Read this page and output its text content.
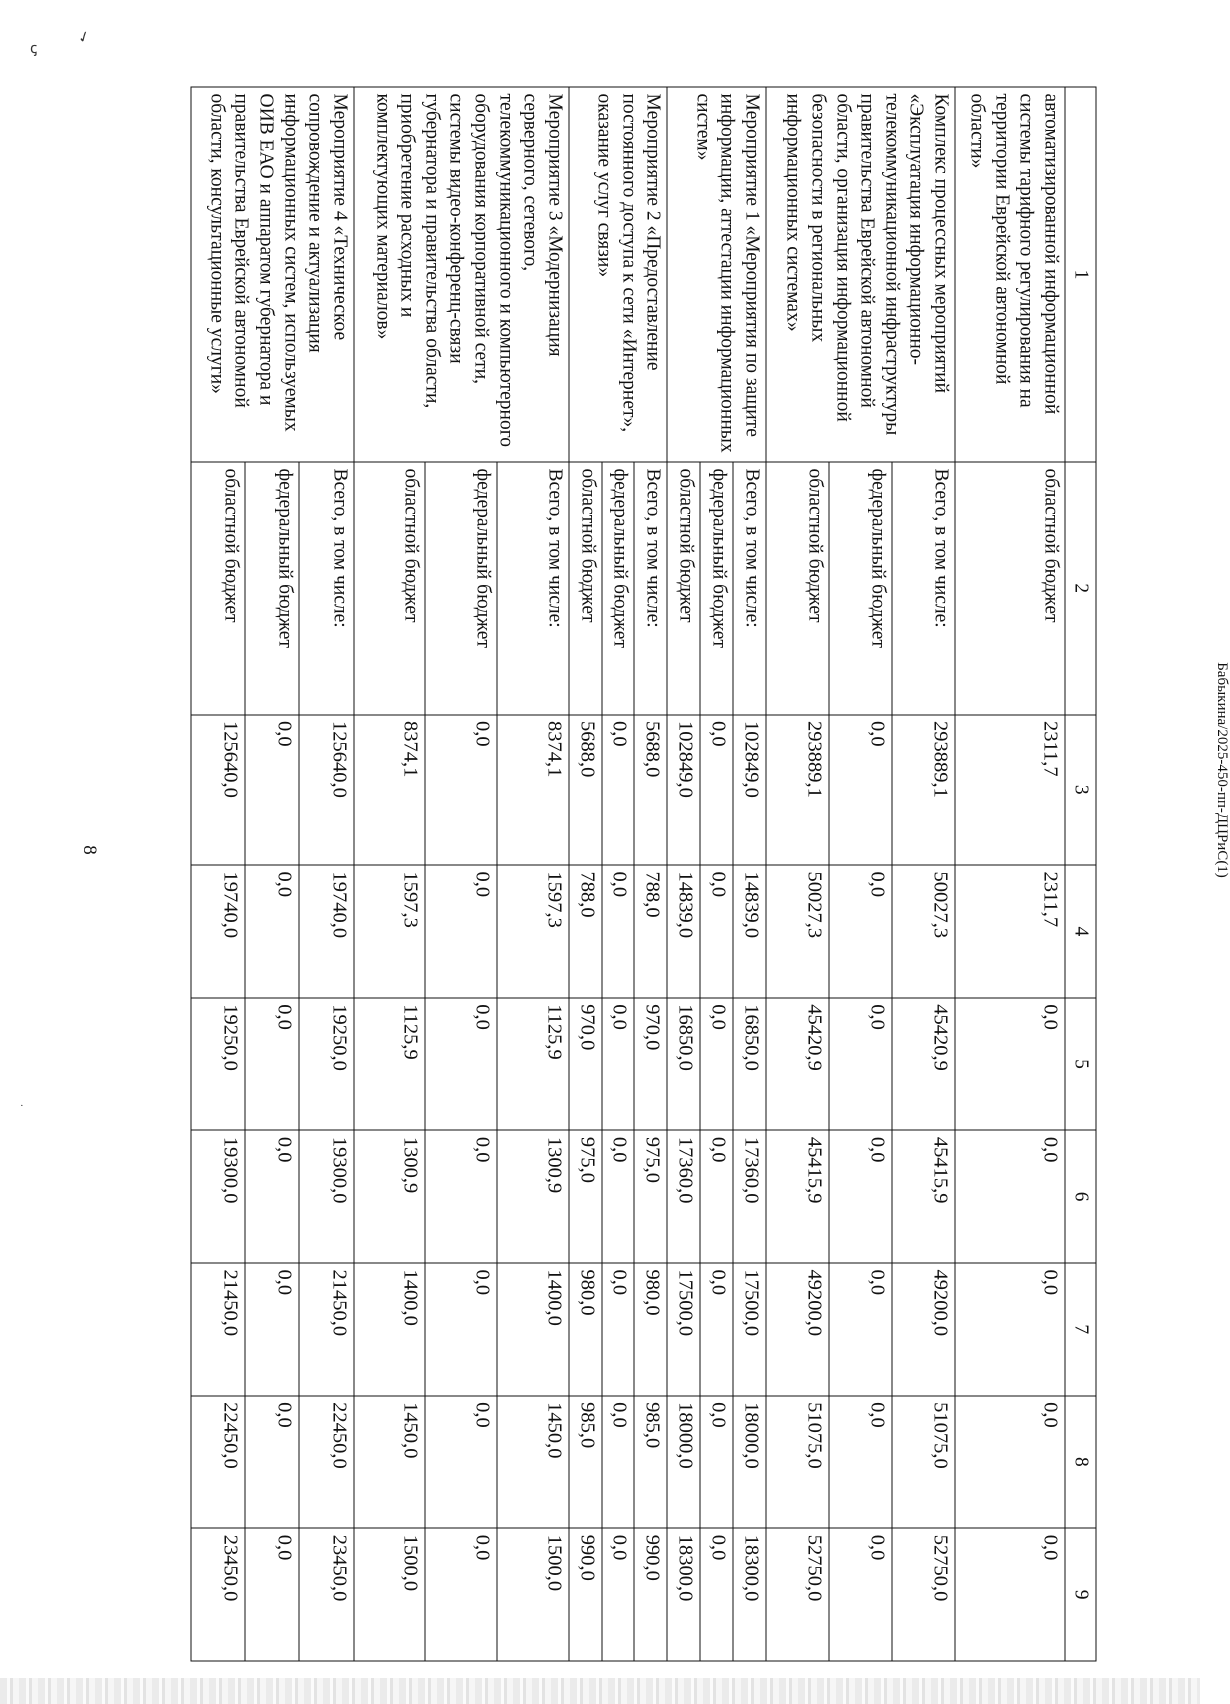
ꞔ
✓
·
8	Бабыкина/2025-450-пп-ДЦРиС(1)
1	2	3	4	5	6	7	8	9
автоматизированной информационной системы тарифного регулирования на территории Еврейской автономной области»	областной бюджет	2311,7	2311,7	0,0	0,0	0,0	0,0	0,0
Комплекс процессных мероприятий «Эксплуатация информационно-телекоммуникационной инфраструктуры правительства Еврейской автономной области, организация информационной безопасности в региональных информационных системах»	Всего, в том числе:	293889,1	50027,3	45420,9	45415,9	49200,0	51075,0	52750,0
	федеральный бюджет	0,0	0,0	0,0	0,0	0,0	0,0	0,0
	областной бюджет	293889,1	50027,3	45420,9	45415,9	49200,0	51075,0	52750,0
Мероприятие 1 «Мероприятия по защите информации, аттестации информационных систем»	Всего, в том числе:	102849,0	14839,0	16850,0	17360,0	17500,0	18000,0	18300,0
	федеральный бюджет	0,0	0,0	0,0	0,0	0,0	0,0	0,0
	областной бюджет	102849,0	14839,0	16850,0	17360,0	17500,0	18000,0	18300,0
Мероприятие 2 «Предоставление постоянного доступа к сети «Интернет», оказание услуг связи»	Всего, в том числе:	5688,0	788,0	970,0	975,0	980,0	985,0	990,0
	федеральный бюджет	0,0	0,0	0,0	0,0	0,0	0,0	0,0
	областной бюджет	5688,0	788,0	970,0	975,0	980,0	985,0	990,0
Мероприятие 3 «Модернизация серверного, сетевого, телекоммуникационного и компьютерного оборудования корпоративной сети, системы видео-конференц-связи губернатора и правительства области, приобретение расходных и комплектующих материалов»	Всего, в том числе:	8374,1	1597,3	1125,9	1300,9	1400,0	1450,0	1500,0
	федеральный бюджет	0,0	0,0	0,0	0,0	0,0	0,0	0,0
	областной бюджет	8374,1	1597,3	1125,9	1300,9	1400,0	1450,0	1500,0
Мероприятие 4 «Техническое сопровождение и актуализация информационных систем, используемых ОИВ ЕАО и аппаратом губернатора и правительства Еврейской автономной области, консультационные услуги»	Всего, в том числе:	125640,0	19740,0	19250,0	19300,0	21450,0	22450,0	23450,0
	федеральный бюджет	0,0	0,0	0,0	0,0	0,0	0,0	0,0
	областной бюджет	125640,0	19740,0	19250,0	19300,0	21450,0	22450,0	23450,0
